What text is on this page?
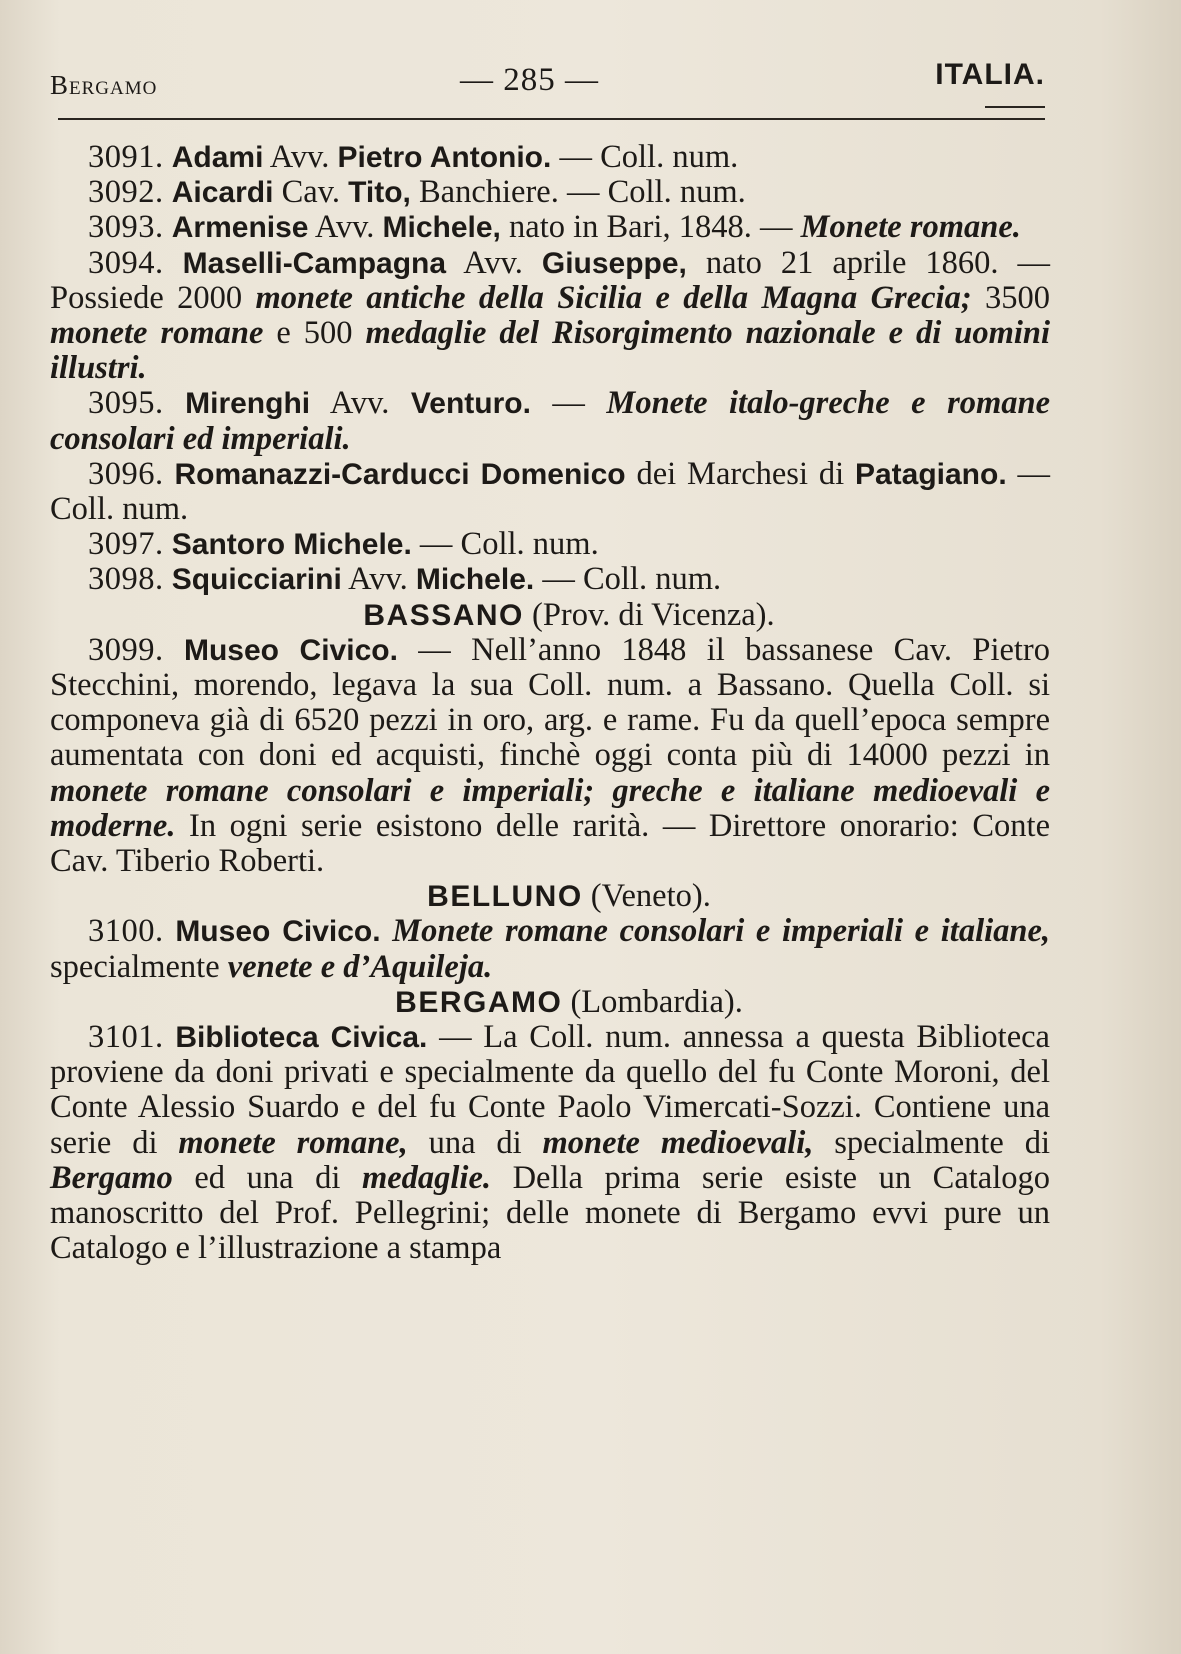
Bergamo	— 285 —	ITALIA.

3091. Adami Avv. Pietro Antonio. — Coll. num.

3092. Aicardi Cav. Tito, Banchiere. — Coll. num.

3093. Armenise Avv. Michele, nato in Bari, 1848. — Monete romane.

3094. Maselli-Campagna Avv. Giuseppe, nato 21 aprile 1860. — Possiede 2000 monete antiche della Sicilia e della Magna Grecia; 3500 monete romane e 500 medaglie del Risorgimento nazionale e di uomini illustri.

3095. Mirenghi Avv. Venturo. — Monete italo-greche e romane consolari ed imperiali.

3096. Romanazzi-Carducci Domenico dei Marchesi di Patagiano. — Coll. num.

3097. Santoro Michele. — Coll. num.

3098. Squicciarini Avv. Michele. — Coll. num.

BASSANO (Prov. di Vicenza).

3099. Museo Civico. — Nell’anno 1848 il bassanese Cav. Pietro Stecchini, morendo, legava la sua Coll. num. a Bassano. Quella Coll. si componeva già di 6520 pezzi in oro, arg. e rame. Fu da quell’epoca sempre aumentata con doni ed acquisti, finchè oggi conta più di 14000 pezzi in monete romane consolari e imperiali; greche e italiane medioevali e moderne. In ogni serie esistono delle rarità. — Direttore onorario: Conte Cav. Tiberio Roberti.

BELLUNO (Veneto).

3100. Museo Civico. Monete romane consolari e imperiali e italiane, specialmente venete e d’Aquileja.

BERGAMO (Lombardia).

3101. Biblioteca Civica. — La Coll. num. annessa a questa Biblioteca proviene da doni privati e specialmente da quello del fu Conte Moroni, del Conte Alessio Suardo e del fu Conte Paolo Vimercati-Sozzi. Contiene una serie di monete romane, una di monete medioevali, specialmente di Bergamo ed una di medaglie. Della prima serie esiste un Catalogo manoscritto del Prof. Pellegrini; delle monete di Bergamo evvi pure un Catalogo e l’illustrazione a stampa
